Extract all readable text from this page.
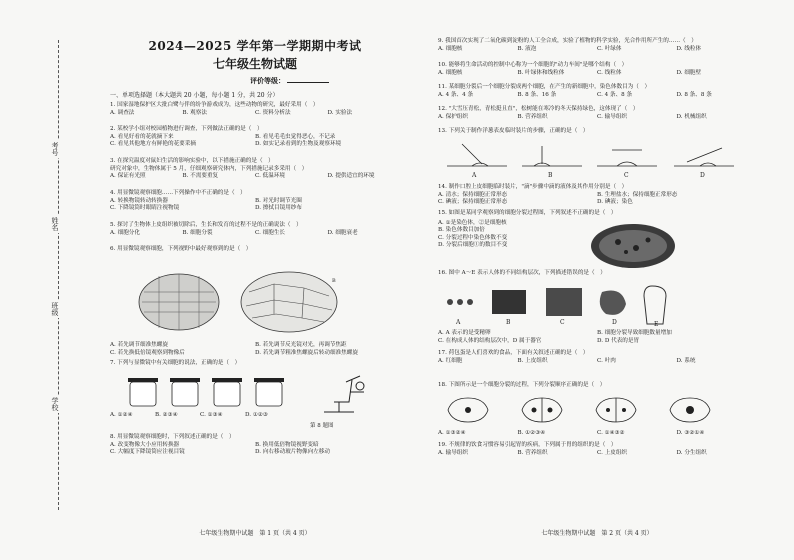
考号
姓名
班级
学校
2024—2025 学年第一学期期中考试
七年级生物试题
评价等级：
一、单项选择题（本大题共 20 小题，每小题 1 分，共 20 分）

1. 国家湿地保护区大批白鹭与伴的纷争游戏成为，这些动物的研究，最好采用（　）

A. 调查法	B. 观察法	C. 资料分析法	D. 实验法

2. 某校学小组对校园植物进行调查，下列做法正确的是（　）

A. 看见好看的花就摘下来	B. 看见毛毛虫觉得恶心，不记录
C. 看见其他地方有鲜艳的花要采摘	D. 如实记录看到的生物及观察环境

3. 在探究温度对鼠妇生活的影响实验中，以下措施正确的是（　）

研究对象中，生物体属于 5 月，仔细观察研究体内，下列措施记录多采用（　）

A. 保证有光照	B. 不需要重复	C. 低温环境	D. 提供适宜的环境

4. 用显微镜观察细胞……下列操作中不正确的是（　）

A. 转换物镜转动转换器	B. 对光时调节光圈
C. 下降镜筒时眼睛注视物镜	D. 擦拭目镜用纱布

5. 探讨了生物体上皮组织被切除后，生长和发育的过程不是的正确说法（　）

A. 细胞分化	B. 细胞分裂	C. 细胞生长	D. 细胞衰老

6. 用显微镜观察细胞，下列视野中最好观察到的是（　）

B
A. 若先调节细准焦螺旋	B. 若先调节反光镜对光，再调节焦距
C. 若先换低倍镜观察到物像后	D. 若先调节粗准焦螺旋后转动细准焦螺旋

7. 下列与显微镜中有关细胞的说法，正确的是（　）

A. ①②④	B. ②③④	C. ①③④	D. ①②③
第 8 题图

8. 用显微镜观察细胞时，下列叙述正确的是（　）

A. 改变物像大小应用转换器	B. 换用低倍物镜视野变暗
C. 大幅度下降镜筒应注视目镜	D. 向右移动玻片物像向左移动
七年级生物期中试题　第 1 页（共 4 页）

9. 我国首次实现了二氧化碳到淀粉的人工全合成，实验了植物的科学实验，光合作用所产生的……（　）

A. 细胞核	B. 液泡	C. 叶绿体	D. 线粒体

10. 能够将生命活动的控制中心称为一个细胞的"动力车间"是哪个结构（　）

A. 细胞核	B. 叶绿体和线粒体	C. 线粒体	D. 细胞壁

11. 某细胞分裂后一个细胞分裂成两个细胞，在产生的新细胞中，染色体数目为（　）

A. 4 条、4 条	B. 8 条、16 条	C. 4 条、8 条	D. 8 条、8 条

12. "大雪压青松，青松挺且直"，松树能在寒冷的冬天保持绿色，这体现了（　）

A. 保护组织	B. 营养组织	C. 输导组织	D. 机械组织

13. 下列关于制作洋葱表皮临时装片的步骤，正确的是（　）

A	B	C	D

14. 制作口腔上皮细胞临时装片，"滴"步骤中滴的液体及其作用分别是（　）

A. 清水；保持细胞正常形态	B. 生理盐水；保持细胞正常形态
C. 碘液；保持细胞正常形态	D. 碘液；染色

15. 如图是某同学观察到的细胞分裂过程图，下列叙述不正确的是（　）

A. ①是染色体，②是细胞核

B. 染色体数目加倍

C. 分裂过程中染色体数不变

D. 分裂后细胞①的数目不变

16. 图中 A～E 表示人体的不同结构层次，下列描述错误的是（　）

A	B	C	D	E
A. A 表示的是受精卵	B. 细胞分裂导致细胞数量增加
C. 在构成人体的结构层次中，D 属于器官	D. D 代表的是胃

17. 荷包蛋是人们喜欢的食品，下面有关叙述正确的是（　）

A. 红细胞	B. 上皮组织	C. 叶肉	D. 系统

18. 下图所示是一个细胞分裂的过程，下列分裂顺序正确的是（　）

A. ①③②④	B. ①②③④	C. ①④③②	D. ③②①④

19. 不规律的饮食习惯容易引起胃的疾病，下列属于胃的组织的是（　）

A. 输导组织	B. 营养组织	C. 上皮组织	D. 分生组织
七年级生物期中试题　第 2 页（共 4 页）
